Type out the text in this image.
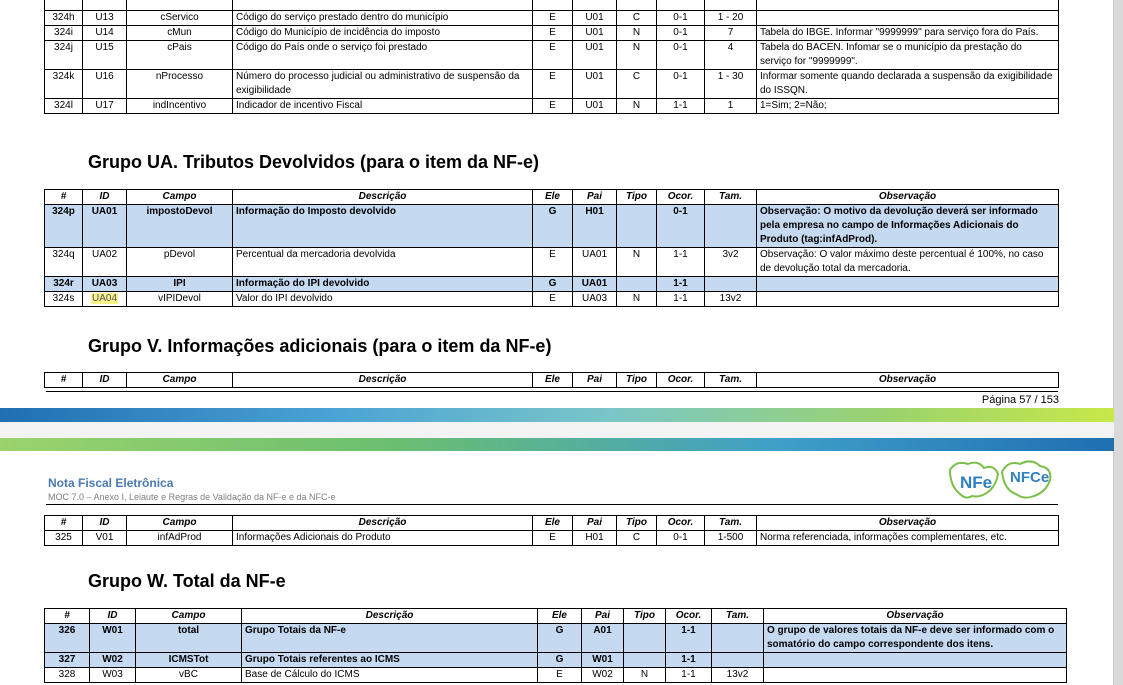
324h	U13	cServico	Código do serviço prestado dentro do município	E	U01	C	0-1	1 - 20	
324i	U14	cMun	Código do Município de incidência do imposto	E	U01	N	0-1	7	Tabela do IBGE. Informar "9999999" para serviço fora do País.
324j	U15	cPais	Código do País onde o serviço foi prestado	E	U01	N	0-1	4	Tabela do BACEN. Infomar se o município da prestação do serviço for "9999999".
324k	U16	nProcesso	Número do processo judicial ou administrativo de suspensão da exigibilidade	E	U01	C	0-1	1 - 30	Informar somente quando declarada a suspensão da exigibilidade do ISSQN.
324l	U17	indIncentivo	Indicador de incentivo Fiscal	E	U01	N	1-1	1	1=Sim; 2=Não;
Grupo UA. Tributos Devolvidos (para o item da NF-e)
#	ID	Campo	Descrição	Ele	Pai	Tipo	Ocor.	Tam.	Observação
324p	UA01	impostoDevol	Informação do Imposto devolvido	G	H01		0-1		Observação: O motivo da devolução deverá ser informado pela empresa no campo de Informações Adicionais do Produto (tag:infAdProd).
324q	UA02	pDevol	Percentual da mercadoria devolvida	E	UA01	N	1-1	3v2	Observação: O valor máximo deste percentual é 100%, no caso de devolução total da mercadoria.
324r	UA03	IPI	Informação do IPI devolvido	G	UA01		1-1		
324s	UA04	vIPIDevol	Valor do IPI devolvido	E	UA03	N	1-1	13v2	
Grupo V. Informações adicionais (para o item da NF-e)
#	ID	Campo	Descrição	Ele	Pai	Tipo	Ocor.	Tam.	Observação
Página 57 / 153
Nota Fiscal Eletrônica
MOC 7.0 – Anexo I, Leiaute e Regras de Validação da NF-e e da NFC-e
NFe NFCe
#	ID	Campo	Descrição	Ele	Pai	Tipo	Ocor.	Tam.	Observação
325	V01	infAdProd	Informações Adicionais do Produto	E	H01	C	0-1	1-500	Norma referenciada, informações complementares, etc.
Grupo W. Total da NF-e
#	ID	Campo	Descrição	Ele	Pai	Tipo	Ocor.	Tam.	Observação
326	W01	total	Grupo Totais da NF-e	G	A01		1-1		O grupo de valores totais da NF-e deve ser informado com o somatório do campo correspondente dos itens.
327	W02	ICMSTot	Grupo Totais referentes ao ICMS	G	W01		1-1		
328	W03	vBC	Base de Cálculo do ICMS	E	W02	N	1-1	13v2	
